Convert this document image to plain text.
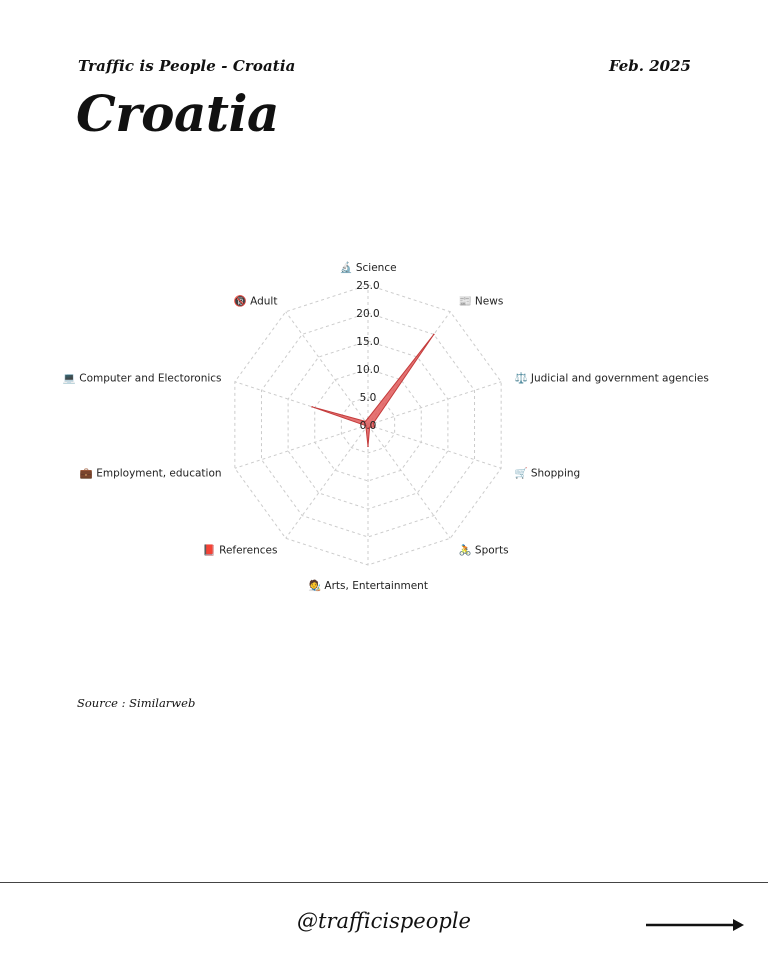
Traffic is People - Croatia	Feb. 2025
Croatia
0.0
5.0
10.0
15.0
20.0
25.0
🔬 Science
📰 News
⚖️ Judicial and government agencies
🛒 Shopping
🚴 Sports
🧑‍🎨 Arts, Entertainment
📕 References
💼 Employment, education
💻 Computer and Electoronics
🔞 Adult
Source : Similarweb
@trafficispeople
